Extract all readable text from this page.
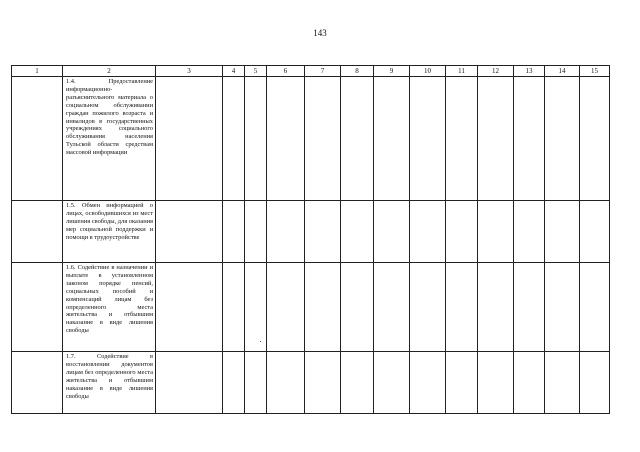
143
1	2	3	4	5	6	7	8	9	10	11	12	13	14	15
	1.4. Предоставление информационно-разъяснительного материала о социальном обслуживании граждан пожилого возраста и инвалидов в государственных учреждениях социального обслуживания населения Тульской области средствам массовой информации													
	1.5. Обмен информацией о лицах, освободившихся из мест лишения свободы, для оказания мер социальной поддержки и помощи в трудоустройстве													
	1.6. Содействие в назначении и выплате в установленном законом порядке пенсий, социальных пособий и компенсаций лицам без определенного места жительства и отбывшим наказание в виде лишения свободы													
	1.7. Содействие в восстановлении документов лицам без определенного места жительства и отбывшим наказание в виде лишения свободы													
